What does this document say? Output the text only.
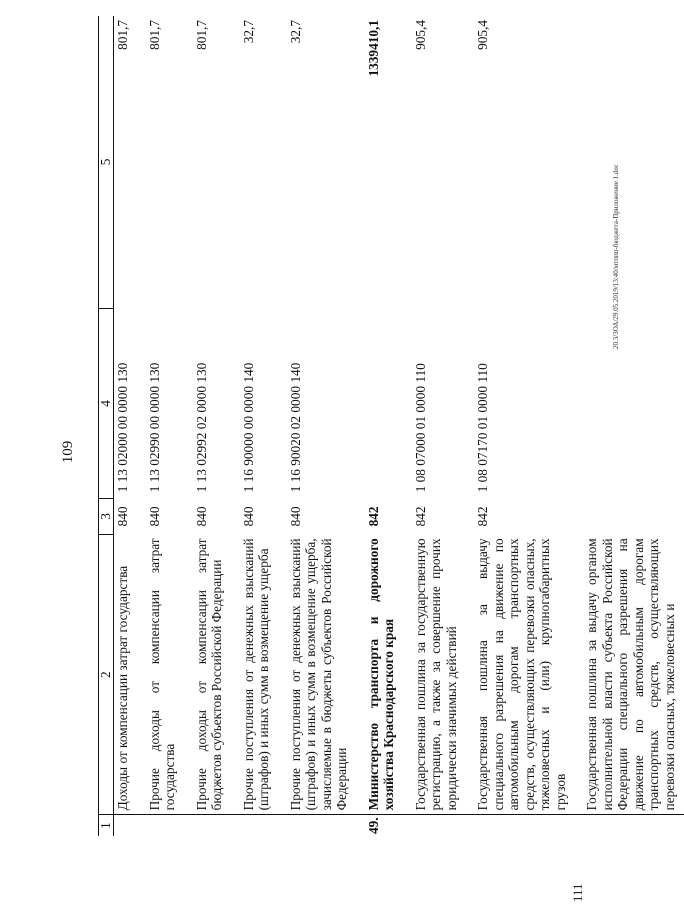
109
1	2	3	4	5
	Доходы от компенсации затрат государства	840	1 13 02000 00 0000 130	801,7
	Прочие доходы от компенсации затрат государства	840	1 13 02990 00 0000 130	801,7
	Прочие доходы от компенсации затрат бюджетов субъектов Российской Федерации	840	1 13 02992 02 0000 130	801,7
	Прочие поступления от денежных взысканий (штрафов) и иных сумм в возмещение ущерба	840	1 16 90000 00 0000 140	32,7
	Прочие поступления от денежных взысканий (штрафов) и иных сумм в возмещение ущерба, зачисляемые в бюджеты субъектов Российской Федерации	840	1 16 90020 02 0000 140	32,7
49.	Министерство транспорта и дорожного хозяйства Краснодарского края	842		1339410,1
	Государственная пошлина за государственную регистрацию, а также за совершение прочих юридически значимых действий	842	1 08 07000 01 0000 110	905,4
	Государственная пошлина за выдачу специального разрешения на движение по автомобильным дорогам транспортных средств, осуществляющих перевозки опасных, тяжеловесных и (или) крупногабаритных грузов	842	1 08 07170 01 0000 110	905,4
	Государственная пошлина за выдачу органом исполнительной власти субъекта Российской Федерации специального разрешения на движение по автомобильным дорогам транспортных средств, осуществляющих перевозки опасных, тяжеловесных и			
20.3/ЗОА/29.05.2019/13:40/мтппп-бюджета-Приложение 1.doc
111
